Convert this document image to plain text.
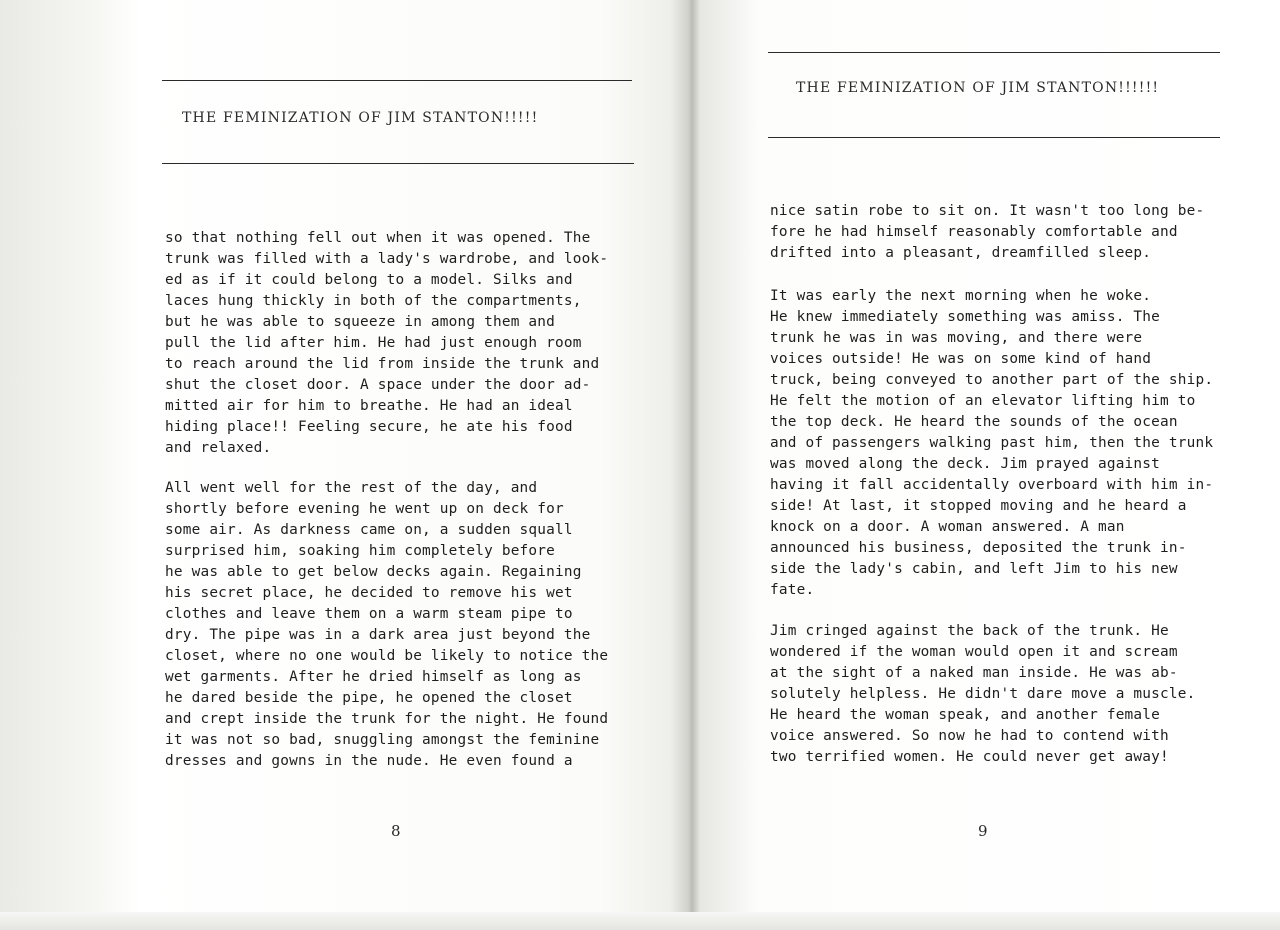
THE FEMINIZATION OF JIM STANTON!!!!!
so that nothing fell out when it was opened. The
trunk was filled with a lady's wardrobe, and look-
ed as if it could belong to a model. Silks and
laces hung thickly in both of the compartments,
but he was able to squeeze in among them and
pull the lid after him. He had just enough room
to reach around the lid from inside the trunk and
shut the closet door. A space under the door ad-
mitted air for him to breathe. He had an ideal
hiding place!! Feeling secure, he ate his food
and relaxed.
All went well for the rest of the day, and
shortly before evening he went up on deck for
some air. As darkness came on, a sudden squall
surprised him, soaking him completely before
he was able to get below decks again. Regaining
his secret place, he decided to remove his wet
clothes and leave them on a warm steam pipe to
dry. The pipe was in a dark area just beyond the
closet, where no one would be likely to notice the
wet garments. After he dried himself as long as
he dared beside the pipe, he opened the closet
and crept inside the trunk for the night. He found
it was not so bad, snuggling amongst the feminine
dresses and gowns in the nude. He even found a
8
THE FEMINIZATION OF JIM STANTON!!!!!!
nice satin robe to sit on. It wasn't too long be-
fore he had himself reasonably comfortable and
drifted into a pleasant, dreamfilled sleep.
It was early the next morning when he woke.
He knew immediately something was amiss. The
trunk he was in was moving, and there were
voices outside! He was on some kind of hand
truck, being conveyed to another part of the ship.
He felt the motion of an elevator lifting him to
the top deck. He heard the sounds of the ocean
and of passengers walking past him, then the trunk
was moved along the deck. Jim prayed against
having it fall accidentally overboard with him in-
side! At last, it stopped moving and he heard a
knock on a door. A woman answered. A man
announced his business, deposited the trunk in-
side the lady's cabin, and left Jim to his new
fate.
Jim cringed against the back of the trunk. He
wondered if the woman would open it and scream
at the sight of a naked man inside. He was ab-
solutely helpless. He didn't dare move a muscle.
He heard the woman speak, and another female
voice answered. So now he had to contend with
two terrified women. He could never get away!
9
